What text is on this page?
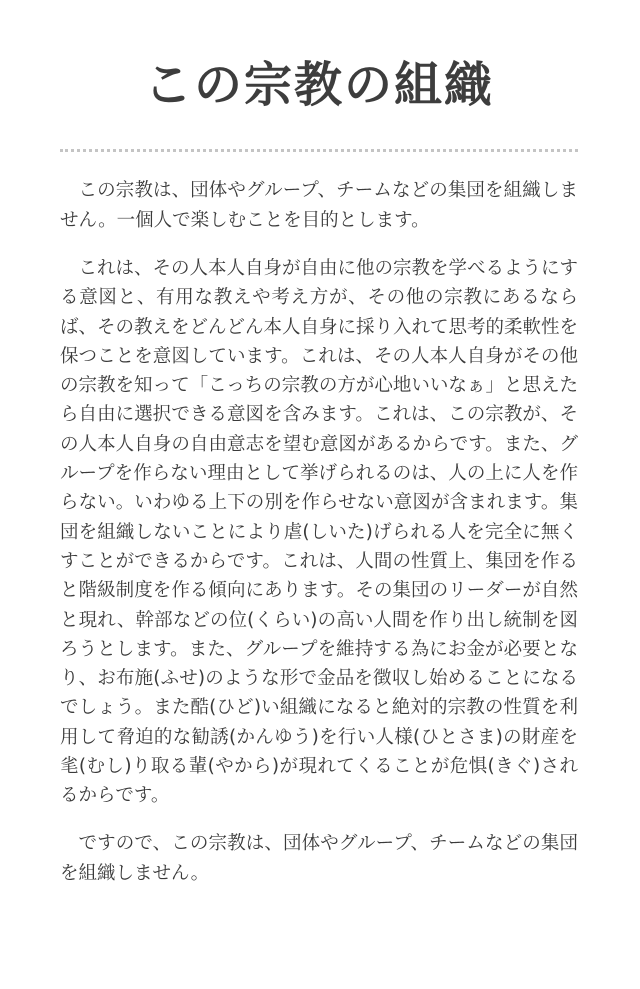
この宗教の組織

この宗教は、団体やグループ、チームなどの集団を組織しません。一個人で楽しむことを目的とします。

これは、その人本人自身が自由に他の宗教を学べるようにする意図と、有用な教えや考え方が、その他の宗教にあるならば、その教えをどんどん本人自身に採り入れて思考的柔軟性を保つことを意図しています。これは、その人本人自身がその他の宗教を知って「こっちの宗教の方が心地いいなぁ」と思えたら自由に選択できる意図を含みます。これは、この宗教が、その人本人自身の自由意志を望む意図があるからです。また、グループを作らない理由として挙げられるのは、人の上に人を作らない。いわゆる上下の別を作らせない意図が含まれます。集団を組織しないことにより虐(しいた)げられる人を完全に無くすことができるからです。これは、人間の性質上、集団を作ると階級制度を作る傾向にあります。その集団のリーダーが自然と現れ、幹部などの位(くらい)の高い人間を作り出し統制を図ろうとします。また、グループを維持する為にお金が必要となり、お布施(ふせ)のような形で金品を徴収し始めることになるでしょう。また酷(ひど)い組織になると絶対的宗教の性質を利用して脅迫的な勧誘(かんゆう)を行い人様(ひとさま)の財産を毟(むし)り取る輩(やから)が現れてくることが危惧(きぐ)されるからです。

ですので、この宗教は、団体やグループ、チームなどの集団を組織しません。
